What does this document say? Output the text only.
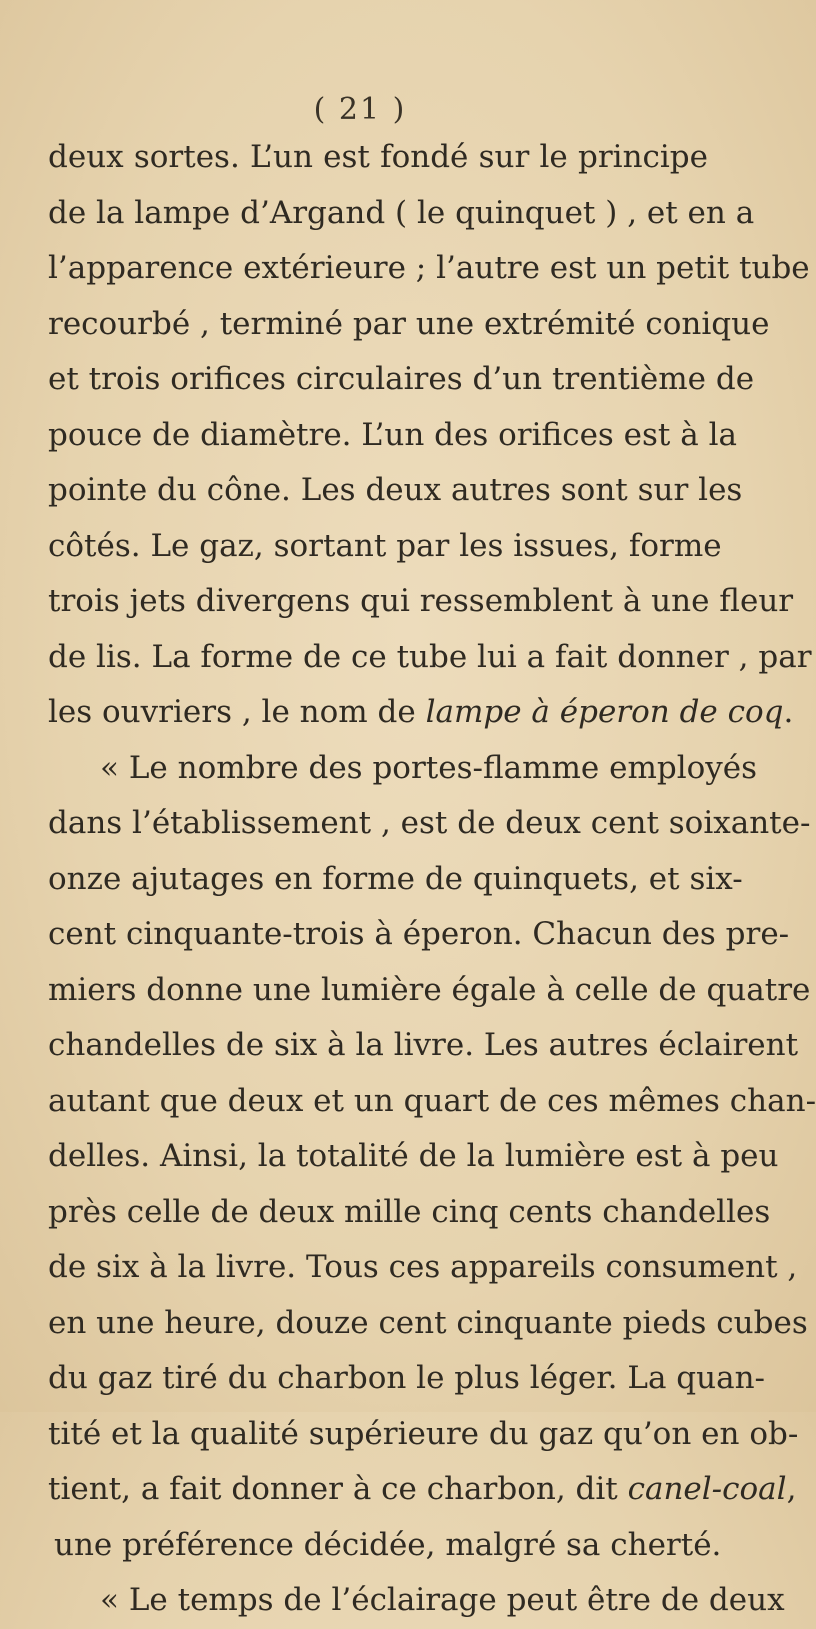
( 21 )
deux sortes. L’un est fondé sur le principe
de la lampe d’Argand ( le quinquet ) , et en a
l’apparence extérieure ; l’autre est un petit tube
recourbé , terminé par une extrémité conique
et trois orifices circulaires d’un trentième de
pouce de diamètre. L’un des orifices est à la
pointe du cône. Les deux autres sont sur les
côtés. Le gaz, sortant par les issues, forme
trois jets divergens qui ressemblent à une fleur
de lis. La forme de ce tube lui a fait donner , par
les ouvriers , le nom de lampe à éperon de coq.
« Le nombre des portes-flamme employés
dans l’établissement , est de deux cent soixante-
onze ajutages en forme de quinquets, et six-
cent cinquante-trois à éperon. Chacun des pre-
miers donne une lumière égale à celle de quatre
chandelles de six à la livre. Les autres éclairent
autant que deux et un quart de ces mêmes chan-
delles. Ainsi, la totalité de la lumière est à peu
près celle de deux mille cinq cents chandelles
de six à la livre. Tous ces appareils consument ,
en une heure, douze cent cinquante pieds cubes
du gaz tiré du charbon le plus léger. La quan-
tité et la qualité supérieure du gaz qu’on en ob-
tient, a fait donner à ce charbon, dit canel-coal,
une préférence décidée, malgré sa cherté.
« Le temps de l’éclairage peut être de deux
